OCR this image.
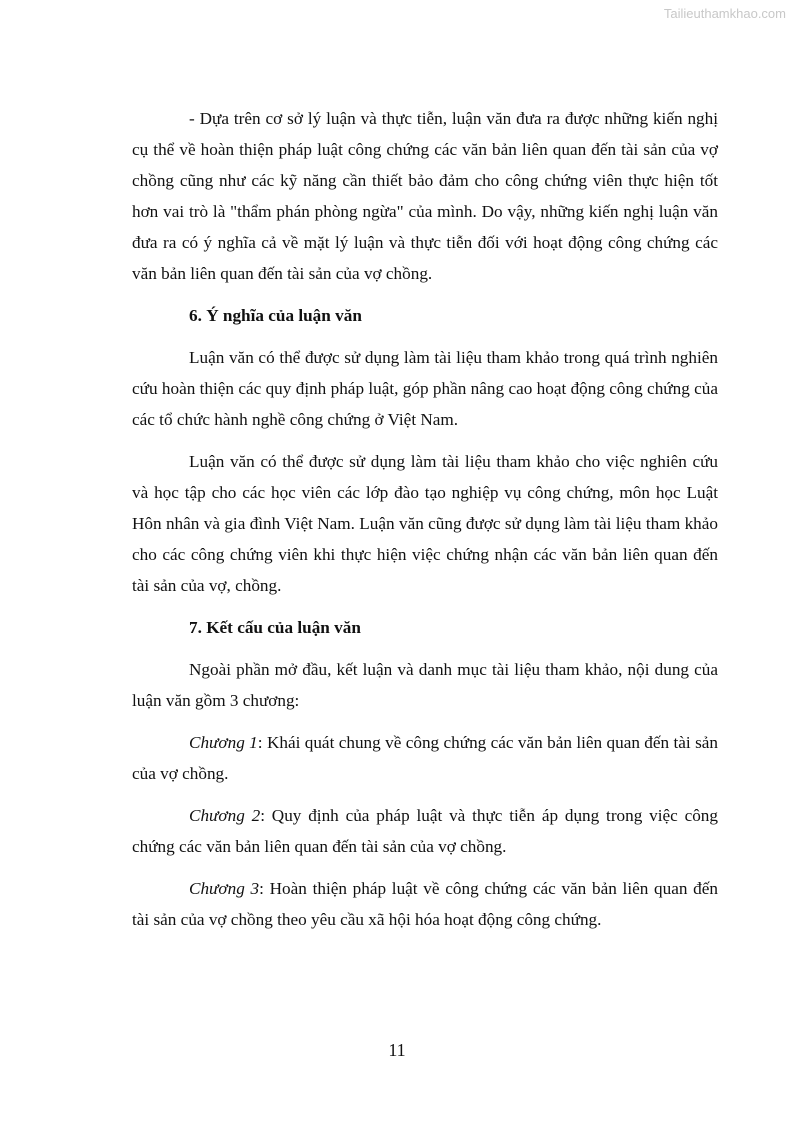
Tailieuthamkhao.com

- Dựa trên cơ sở lý luận và thực tiễn, luận văn đưa ra được những kiến nghị cụ thể về hoàn thiện pháp luật công chứng các văn bản liên quan đến tài sản của vợ chồng cũng như các kỹ năng cần thiết bảo đảm cho công chứng viên thực hiện tốt hơn vai trò là "thẩm phán phòng ngừa" của mình. Do vậy, những kiến nghị luận văn đưa ra có ý nghĩa cả về mặt lý luận và thực tiễn đối với hoạt động công chứng các văn bản liên quan đến tài sản của vợ chồng.

6. Ý nghĩa của luận văn

Luận văn có thể được sử dụng làm tài liệu tham khảo trong quá trình nghiên cứu hoàn thiện các quy định pháp luật, góp phần nâng cao hoạt động công chứng của các tổ chức hành nghề công chứng ở Việt Nam.

Luận văn có thể được sử dụng làm tài liệu tham khảo cho việc nghiên cứu và học tập cho các học viên các lớp đào tạo nghiệp vụ công chứng, môn học Luật Hôn nhân và gia đình Việt Nam. Luận văn cũng được sử dụng làm tài liệu tham khảo cho các công chứng viên khi thực hiện việc chứng nhận các văn bản liên quan đến tài sản của vợ, chồng.

7. Kết cấu của luận văn

Ngoài phần mở đầu, kết luận và danh mục tài liệu tham khảo, nội dung của luận văn gồm 3 chương:

Chương 1: Khái quát chung về công chứng các văn bản liên quan đến tài sản của vợ chồng.

Chương 2: Quy định của pháp luật và thực tiễn áp dụng trong việc công chứng các văn bản liên quan đến tài sản của vợ chồng.

Chương 3: Hoàn thiện pháp luật về công chứng các văn bản liên quan đến tài sản của vợ chồng theo yêu cầu xã hội hóa hoạt động công chứng.

11
